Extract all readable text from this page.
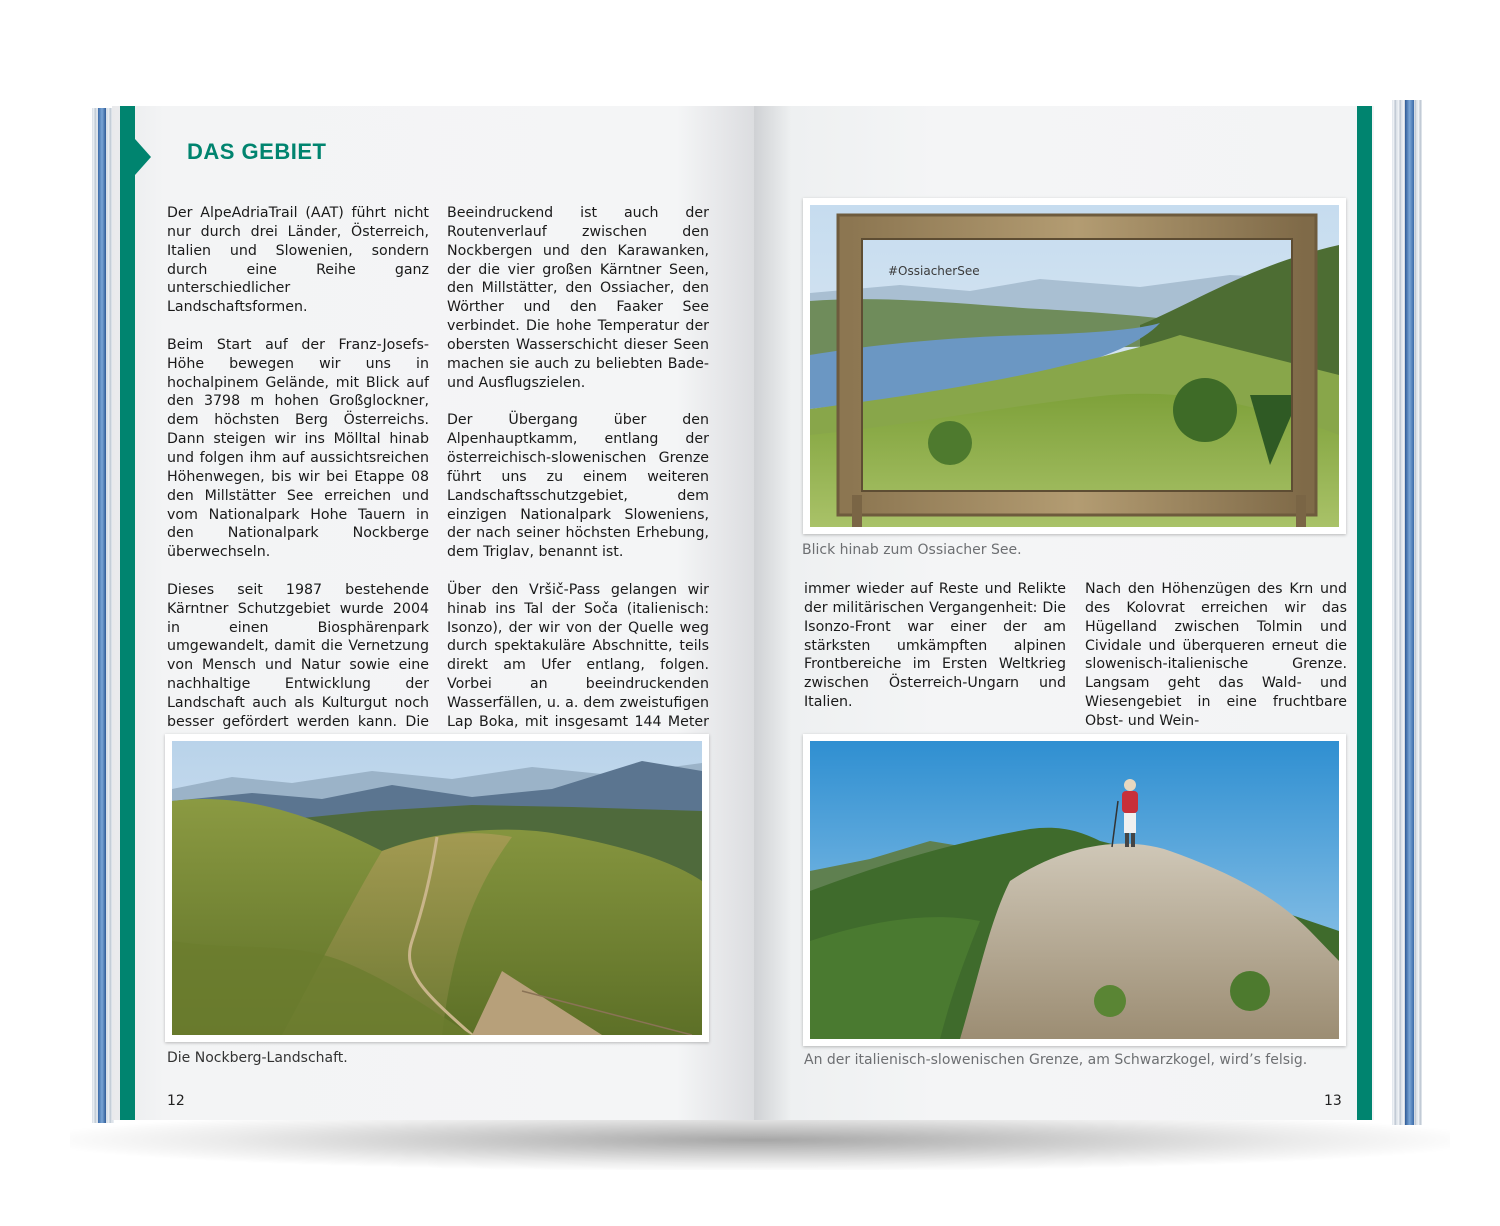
DAS GEBIET

Der AlpeAdriaTrail (AAT) führt nicht nur durch drei Länder, Österreich, Italien und Slowenien, sondern durch eine Reihe ganz unterschiedlicher Landschaftsformen.

Beim Start auf der Franz-Josefs-Höhe bewegen wir uns in hochalpinem Gelände, mit Blick auf den 3798 m hohen Großglockner, dem höchsten Berg Österreichs. Dann steigen wir ins Mölltal hinab und folgen ihm auf aussichtsreichen Höhenwegen, bis wir bei Etappe 08 den Millstätter See erreichen und vom Nationalpark Hohe Tauern in den Nationalpark Nockberge überwechseln.

Dieses seit 1987 bestehende Kärntner Schutzgebiet wurde 2004 in einen Biosphärenpark umgewandelt, damit die Vernetzung von Mensch und Natur sowie eine nachhaltige Entwicklung der Landschaft auch als Kulturgut noch besser gefördert werden kann. Die

Beeindruckend ist auch der Routenverlauf zwischen den Nockbergen und den Karawanken, der die vier großen Kärntner Seen, den Millstätter, den Ossiacher, den Wörther und den Faaker See verbindet. Die hohe Temperatur der obersten Wasserschicht dieser Seen machen sie auch zu beliebten Bade- und Ausflugszielen.

Der Übergang über den Alpenhauptkamm, entlang der österreichisch-slowenischen Grenze führt uns zu einem weiteren Landschaftsschutzgebiet, dem einzigen Nationalpark Sloweniens, der nach seiner höchsten Erhebung, dem Triglav, benannt ist.

Über den Vršič-Pass gelangen wir hinab ins Tal der Soča (italienisch: Isonzo), der wir von der Quelle weg durch spektakuläre Abschnitte, teils direkt am Ufer entlang, folgen. Vorbei an beeindruckenden Wasserfällen, u. a. dem zweistufigen Lap Boka, mit insgesamt 144 Meter

Die Nockberg-Landschaft.
12
#OssiacherSee
Blick hinab zum Ossiacher See.

immer wieder auf Reste und Relikte der militärischen Vergangenheit: Die Isonzo-Front war einer der am stärksten umkämpften alpinen Frontbereiche im Ersten Weltkrieg zwischen Österreich-Ungarn und Italien.

Nach den Höhenzügen des Krn und des Kolovrat erreichen wir das Hügelland zwischen Tolmin und Cividale und überqueren erneut die slowenisch-italienische Grenze. Langsam geht das Wald- und Wiesengebiet in eine fruchtbare Obst- und Wein-

An der italienisch-slowenischen Grenze, am Schwarzkogel, wird’s felsig.
13
